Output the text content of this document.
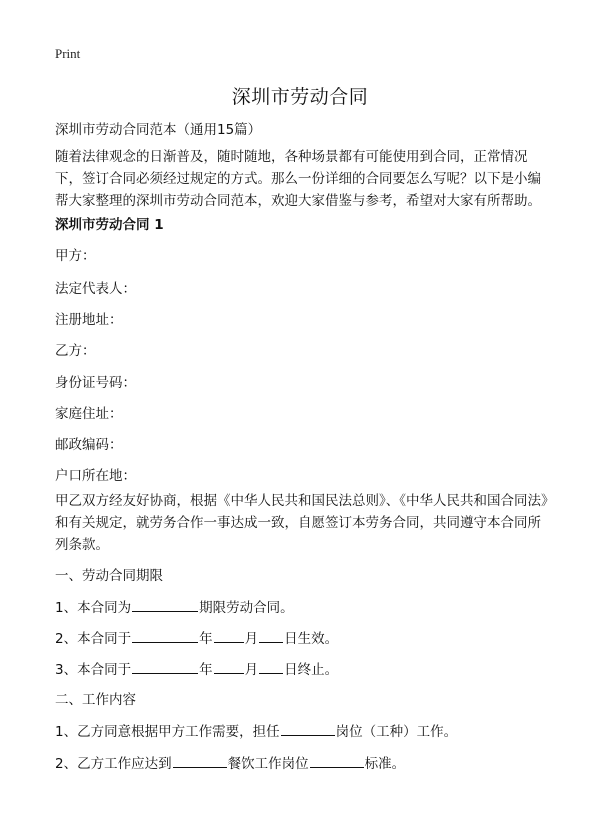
Print
深圳市劳动合同
深圳市劳动合同范本（通用15篇）
随着法律观念的日渐普及，随时随地，各种场景都有可能使用到合同，正常情况下，签订合同必须经过规定的方式。那么一份详细的合同要怎么写呢？以下是小编帮大家整理的深圳市劳动合同范本，欢迎大家借鉴与参考，希望对大家有所帮助。
深圳市劳动合同 1
甲方：
法定代表人：
注册地址：
乙方：
身份证号码：
家庭住址：
邮政编码：
户口所在地：
甲乙双方经友好协商，根据《中华人民共和国民法总则》、《中华人民共和国合同法》和有关规定，就劳务合作一事达成一致，自愿签订本劳务合同，共同遵守本合同所列条款。
一、劳动合同期限
1、本合同为	期限劳动合同。
2、本合同于	年 月 日生效。
3、本合同于	年 月 日终止。
二、工作内容
1、乙方同意根据甲方工作需要，担任	岗位（工种）工作。
2、乙方工作应达到	餐饮工作岗位	标准。
